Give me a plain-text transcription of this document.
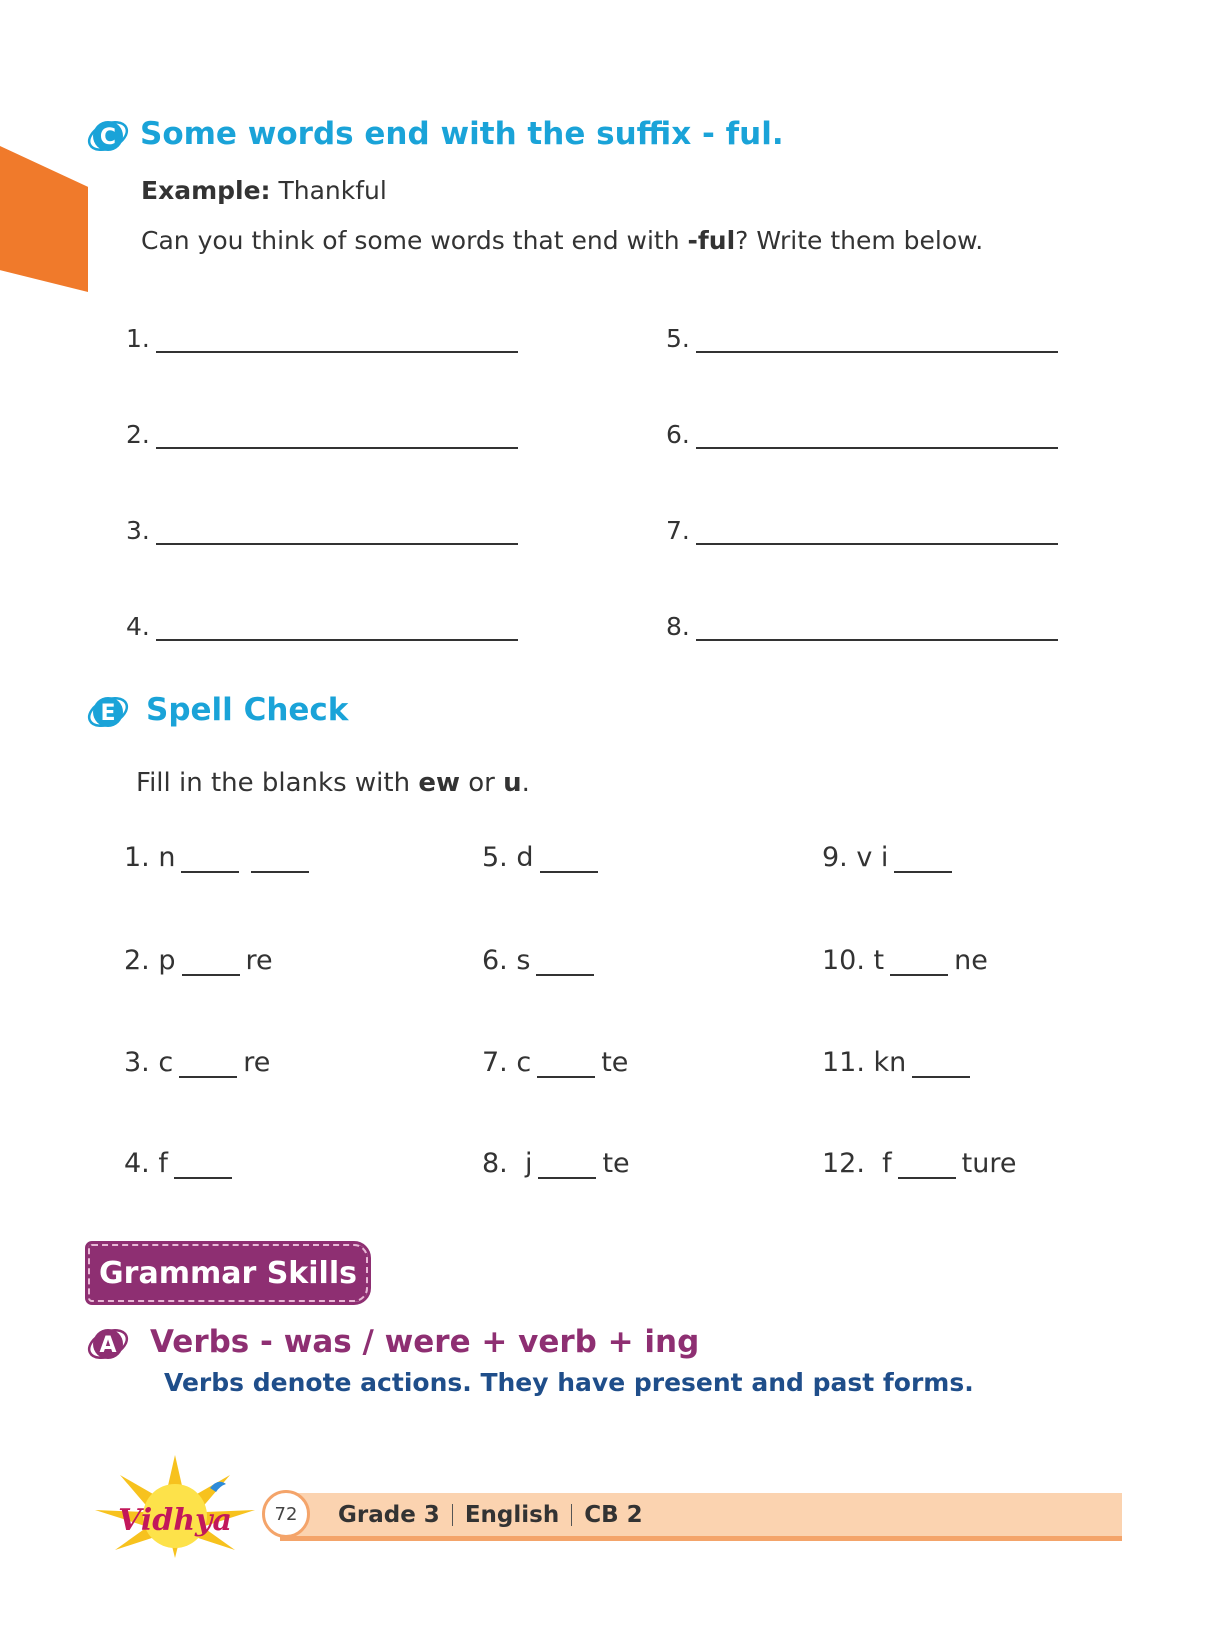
C Some words end with the suffix - ful.
Example: Thankful
Can you think of some words that end with -ful? Write them below.
1.
2.
3.
4.
5.
6.
7.
8.
E Spell Check
Fill in the blanks with ew or u.
1.
n
2.
p	re
3.
c	re
4.
f
5.
d
6.
s
7.
c	te
8.
j	te
9.
v i
10.
t	ne
11.
kn
12.
f	ture
Grammar Skills
A Verbs - was / were + verb + ing
Verbs denote actions. They have present and past forms.
Vidhya	Grade 3 English CB 2
72
